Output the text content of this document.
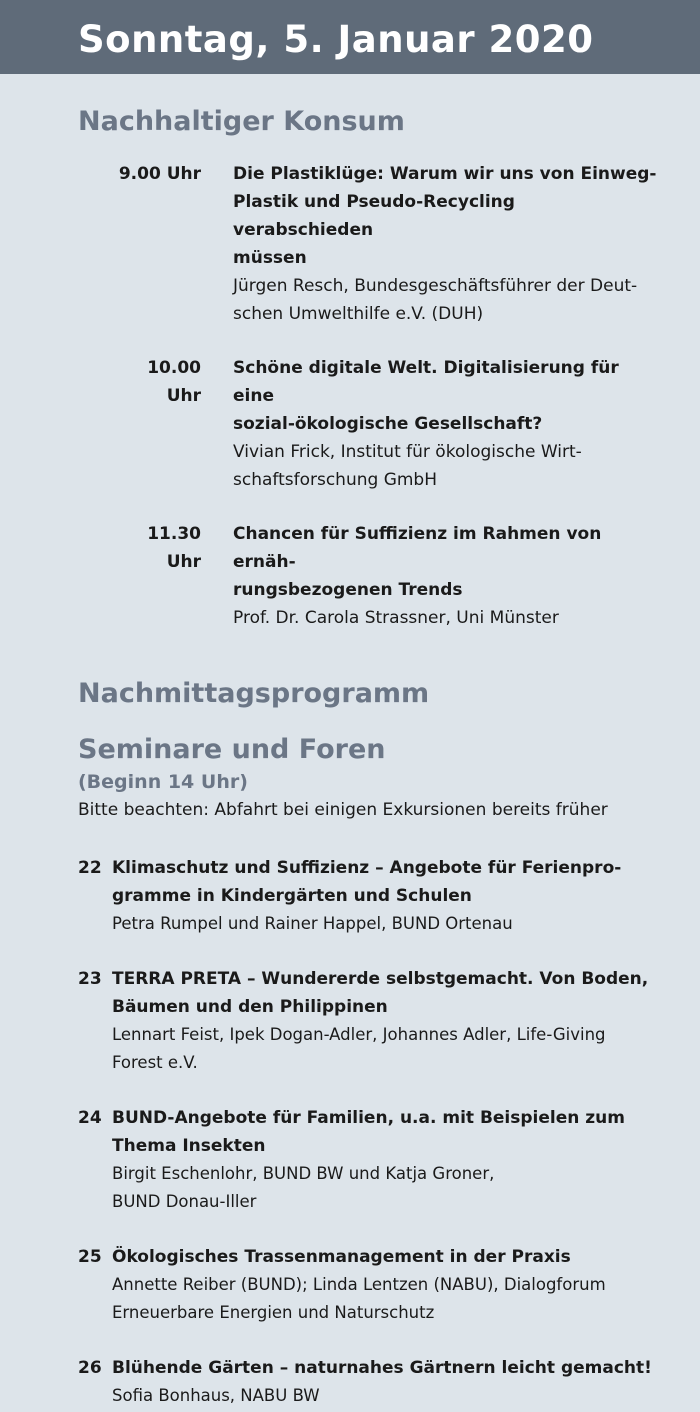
Sonntag, 5. Januar 2020
Nachhaltiger Konsum
9.00 Uhr Die Plastiklüge: Warum wir uns von Einweg-
Plastik und Pseudo-Recycling verabschieden
müssen
Jürgen Resch, Bundesgeschäftsführer der Deut-
schen Umwelthilfe e.V. (DUH)
10.00 Uhr
Schöne digitale Welt. Digitalisierung für eine
sozial-ökologische Gesellschaft?
Vivian Frick, Institut für ökologische Wirt-
schaftsforschung GmbH
11.30 Uhr
Chancen für Suffizienz im Rahmen von ernäh-
rungsbezogenen Trends
Prof. Dr. Carola Strassner, Uni Münster
Nachmittagsprogramm
Seminare und Foren

(Beginn 14 Uhr)

Bitte beachten: Abfahrt bei einigen Exkursionen bereits früher

22 Klimaschutz und Suffizienz – Angebote für Ferienpro-
gramme in Kindergärten und Schulen
Petra Rumpel und Rainer Happel, BUND Ortenau
23 TERRA PRETA – Wundererde selbstgemacht. Von Boden,
Bäumen und den Philippinen
Lennart Feist, Ipek Dogan-Adler, Johannes Adler, Life-Giving
Forest e.V.
24 BUND-Angebote für Familien, u.a. mit Beispielen zum
Thema Insekten
Birgit Eschenlohr, BUND BW und Katja Groner,
BUND Donau-Iller
25 Ökologisches Trassenmanagement in der Praxis
Annette Reiber (BUND); Linda Lentzen (NABU), Dialogforum
Erneuerbare Energien und Naturschutz
26 Blühende Gärten – naturnahes Gärtnern leicht gemacht!
Sofia Bonhaus, NABU BW
